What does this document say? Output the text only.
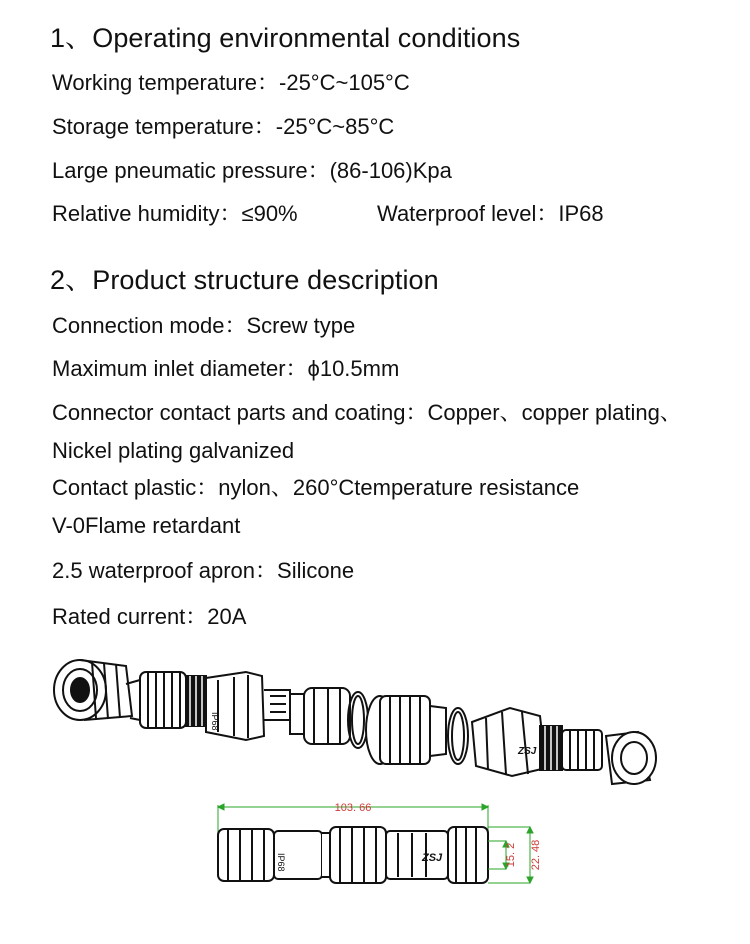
1、Operating environmental conditions
Working temperature：-25°C~105°C
Storage temperature：-25°C~85°C
Large pneumatic pressure：(86-106)Kpa
Relative humidity：≤90%	Waterproof level：IP68
2、Product structure description
Connection mode：Screw type
Maximum inlet diameter：ϕ10.5mm
Connector contact parts and coating：Copper、copper plating、
Nickel plating galvanized
Contact plastic：nylon、260°Ctemperature resistance
V-0Flame retardant
2.5 waterproof apron：Silicone
Rated current：20A
IP68
ZSJ
103. 66
IP68	ZSJ	15. 2 22. 48
